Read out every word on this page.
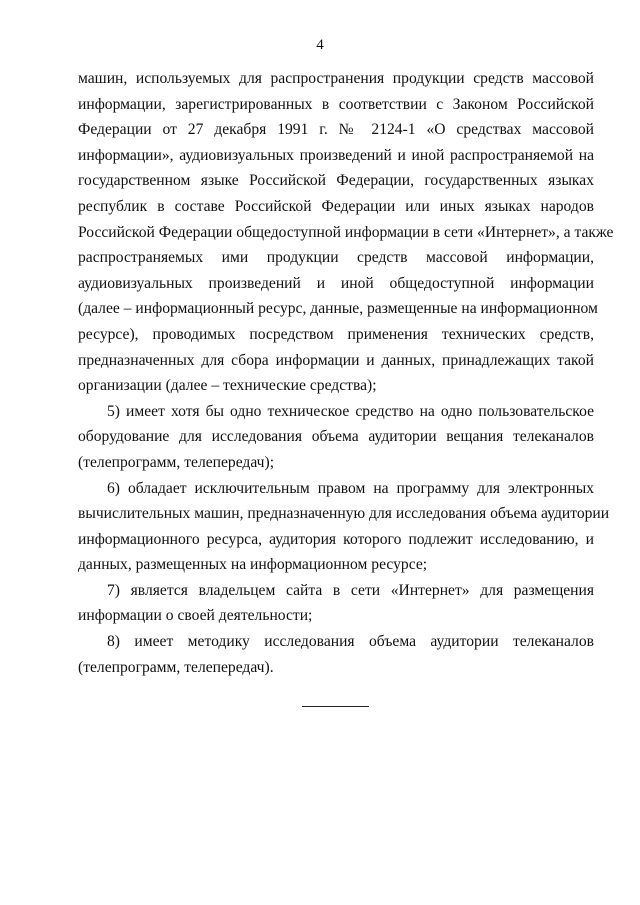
4

машин, используемых для распространения продукции средств массовой
информации, зарегистрированных в соответствии с Законом Российской
Федерации от 27 декабря 1991 г. № 2124-1 «О средствах массовой
информации», аудиовизуальных произведений и иной распространяемой на
государственном языке Российской Федерации, государственных языках
республик в составе Российской Федерации или иных языках народов
Российской Федерации общедоступной информации в сети «Интернет», а также
распространяемых ими продукции средств массовой информации,
аудиовизуальных произведений и иной общедоступной информации
(далее – информационный ресурс, данные, размещенные на информационном
ресурсе), проводимых посредством применения технических средств,
предназначенных для сбора информации и данных, принадлежащих такой
организации (далее – технические средства);

5) имеет хотя бы одно техническое средство на одно пользовательское
оборудование для исследования объема аудитории вещания телеканалов
(телепрограмм, телепередач);

6) обладает исключительным правом на программу для электронных
вычислительных машин, предназначенную для исследования объема аудитории
информационного ресурса, аудитория которого подлежит исследованию, и
данных, размещенных на информационном ресурсе;

7) является владельцем сайта в сети «Интернет» для размещения
информации о своей деятельности;

8) имеет методику исследования объема аудитории телеканалов
(телепрограмм, телепередач).
